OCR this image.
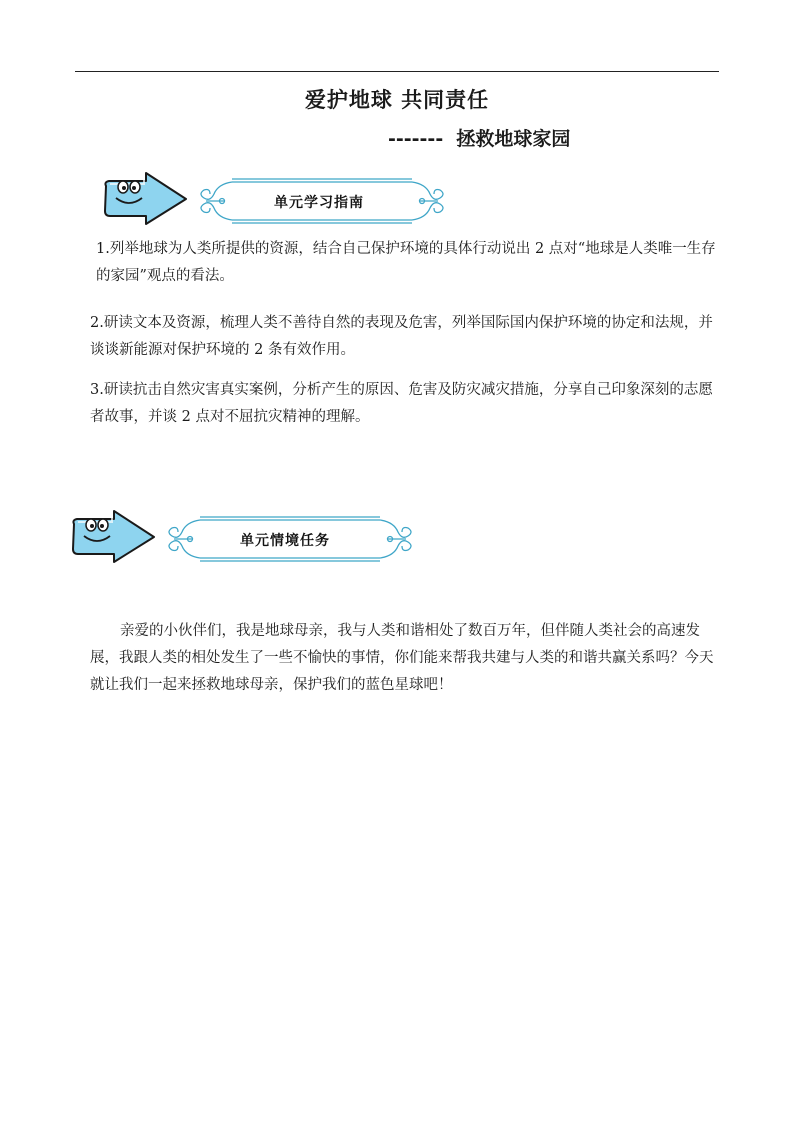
爱护地球 共同责任
-------  拯救地球家园
单元学习指南
1.列举地球为人类所提供的资源，结合自己保护环境的具体行动说出 2 点对“地球是人类唯一生存的家园”观点的看法。
2.研读文本及资源，梳理人类不善待自然的表现及危害，列举国际国内保护环境的协定和法规，并谈谈新能源对保护环境的 2 条有效作用。
3.研读抗击自然灾害真实案例，分析产生的原因、危害及防灾减灾措施，分享自己印象深刻的志愿者故事，并谈 2 点对不屈抗灾精神的理解。
单元情境任务
亲爱的小伙伴们，我是地球母亲，我与人类和谐相处了数百万年，但伴随人类社会的高速发展，我跟人类的相处发生了一些不愉快的事情，你们能来帮我共建与人类的和谐共赢关系吗？今天就让我们一起来拯救地球母亲，保护我们的蓝色星球吧！
